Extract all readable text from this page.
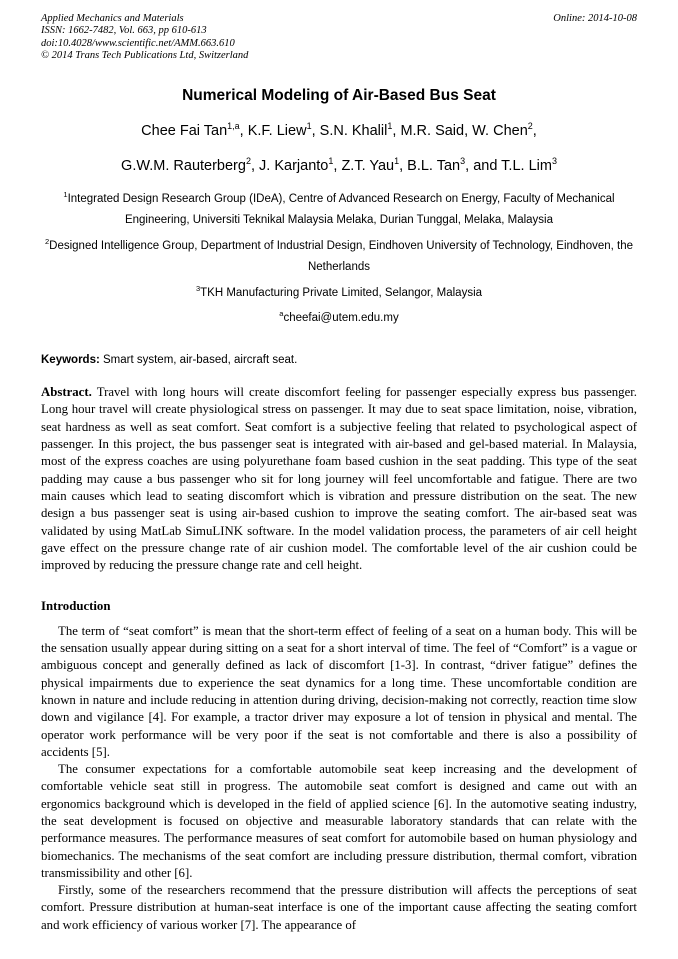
Applied Mechanics and Materials
ISSN: 1662-7482, Vol. 663, pp 610-613
doi:10.4028/www.scientific.net/AMM.663.610
© 2014 Trans Tech Publications Ltd, Switzerland
Online: 2014-10-08
Numerical Modeling of Air-Based Bus Seat
Chee Fai Tan$^{1,a}$, K.F. Liew$^1$, S.N. Khalil$^1$, M.R. Said, W. Chen$^2$,
G.W.M. Rauterberg$^2$, J. Karjanto$^1$, Z.T. Yau$^1$, B.L. Tan$^3$, and T.L. Lim$^3$
$^1$Integrated Design Research Group (IDeA), Centre of Advanced Research on Energy, Faculty of Mechanical Engineering, Universiti Teknikal Malaysia Melaka, Durian Tunggal, Melaka, Malaysia
$^2$Designed Intelligence Group, Department of Industrial Design, Eindhoven University of Technology, Eindhoven, the Netherlands
$^3$TKH Manufacturing Private Limited, Selangor, Malaysia
$^a$cheefai@utem.edu.my
Keywords: Smart system, air-based, aircraft seat.

Abstract. Travel with long hours will create discomfort feeling for passenger especially express bus passenger. Long hour travel will create physiological stress on passenger. It may due to seat space limitation, noise, vibration, seat hardness as well as seat comfort. Seat comfort is a subjective feeling that related to psychological aspect of passenger. In this project, the bus passenger seat is integrated with air-based and gel-based material. In Malaysia, most of the express coaches are using polyurethane foam based cushion in the seat padding. This type of the seat padding may cause a bus passenger who sit for long journey will feel uncomfortable and fatigue. There are two main causes which lead to seating discomfort which is vibration and pressure distribution on the seat. The new design a bus passenger seat is using air-based cushion to improve the seating comfort. The air-based seat was validated by using MatLab SimuLINK software. In the model validation process, the parameters of air cell height gave effect on the pressure change rate of air cushion model. The comfortable level of the air cushion could be improved by reducing the pressure change rate and cell height.

Introduction

The term of “seat comfort” is mean that the short-term effect of feeling of a seat on a human body. This will be the sensation usually appear during sitting on a seat for a short interval of time. The feel of “Comfort” is a vague or ambiguous concept and generally defined as lack of discomfort [1-3]. In contrast, “driver fatigue” defines the physical impairments due to experience the seat dynamics for a long time. These uncomfortable condition are known in nature and include reducing in attention during driving, decision-making not correctly, reaction time slow down and vigilance [4]. For example, a tractor driver may exposure a lot of tension in physical and mental. The operator work performance will be very poor if the seat is not comfortable and there is also a possibility of accidents [5].

The consumer expectations for a comfortable automobile seat keep increasing and the development of comfortable vehicle seat still in progress. The automobile seat comfort is designed and came out with an ergonomics background which is developed in the field of applied science [6]. In the automotive seating industry, the seat development is focused on objective and measurable laboratory standards that can relate with the performance measures. The performance measures of seat comfort for automobile based on human physiology and biomechanics. The mechanisms of the seat comfort are including pressure distribution, thermal comfort, vibration transmissibility and other [6].

Firstly, some of the researchers recommend that the pressure distribution will affects the perceptions of seat comfort. Pressure distribution at human-seat interface is one of the important cause affecting the seating comfort and work efficiency of various worker [7]. The appearance of
